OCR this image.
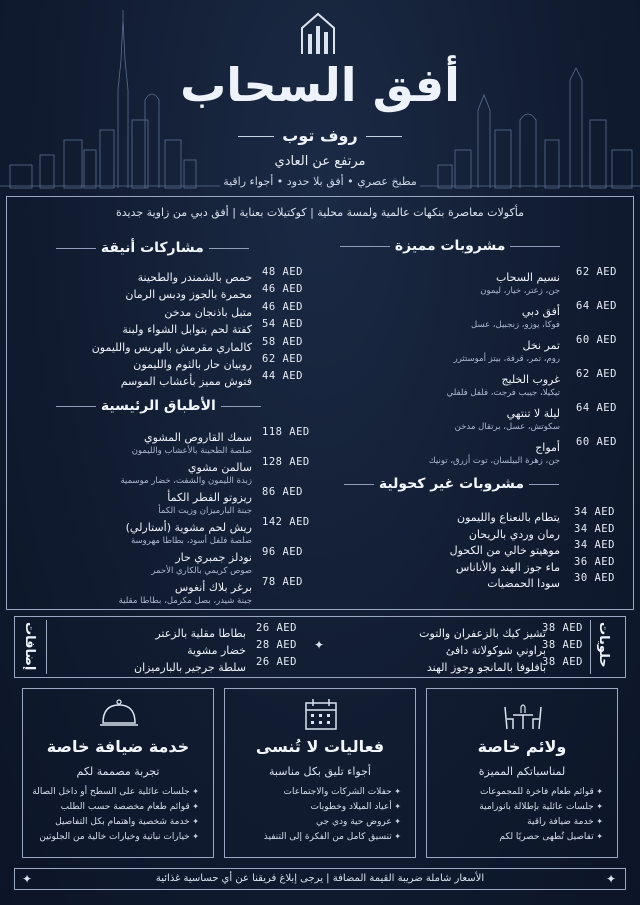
أفق السحاب
روف توب
مرتفع عن العادي
مطبخ عصري • أفق بلا حدود • أجواء راقية
مأكولات معاصرة بنكهات عالمية ولمسة محلية | كوكتيلات بعناية | أفق دبي من زاوية جديدة
مشاركات أنيقة	مشروبات مميزة
الأطباق الرئيسية
مشروبات غير كحولية
حمص بالشمندر والطحينة 48 AED
محمرة بالجوز ودبس الرمان 46 AED
متبل باذنجان مدخن 46 AED
كفتة لحم بتوابل الشواء ولبنة 54 AED
كالماري مقرمش بالهريس والليمون 58 AED
روبيان حار بالثوم والليمون 62 AED
فتوش مميز بأعشاب الموسم 44 AED
سمك القاروص المشوي
صلصة الطحينة بالأعشاب والليمون
118 AED
سالمن مشوي
زبدة الليمون والشفت، خضار موسمية
128 AED
ريزوتو الفطر الكمأ
جبنة البارميزان وزيت الكمأ
86 AED
ريش لحم مشوية (أستارلي)
صلصة فلفل أسود، بطاطا مهروسة
142 AED
نودلز جمبري حار
صوص كريمي بالكاري الأحمر
96 AED
برغر بلاك أنغوس
جبنة شيدر، بصل مكرمل، بطاطا مقلية
78 AED
نسيم السحاب
جن، زعتر، خيار، ليمون
62 AED
أفق دبي
فوكا، يوزو، زنجبيل، عسل
64 AED
تمر نخل
روم، تمر، قرفة، بيتز أموستثرر
60 AED
غروب الخليج
تيكيلا، جيبب فرجت، فلفل فلفلي
62 AED
ليلة لا تنتهي
سكوتش، عسل، برتقال مدخن
64 AED
أمواج
جن، زهرة البيلسان، توت أزرق، تونيك
60 AED
يتطام بالنعناع والليمون 34 AED
رمان وردي بالريحان 34 AED
موهيتو خالي من الكحول 34 AED
ماء جوز الهند والأناناس 36 AED
سودا الحمضيات 30 AED
بطاطا مقلية بالزعتر 26 AED
خضار مشوية 28 AED
سلطة جرجير بالبارميزان 26 AED
تشيز كيك بالزعفران والتوت
38 AED
براوني شوكولاتة دافئ
38 AED
بافلوفا بالمانجو وجوز الهند
38 AED
إضافات	حلويات
✦
خدمة ضيافة خاصة
تجربة مصممة لكم
✦ جلسات عائلية على السطح أو داخل الصالة
✦ قوائم طعام مخصصة حسب الطلب
✦ خدمة شخصية واهتمام بكل التفاصيل
✦ خيارات نباتية وخيارات خالية من الجلوتين
فعاليات لا تُنسى
أجواء تليق بكل مناسبة
✦ حفلات الشركات والاجتماعات
✦ أعياد الميلاد وخطوبات
✦ عروض حية ودي جي
✦ تنسيق كامل من الفكرة إلى التنفيذ
ولائم خاصة
لمناسباتكم المميزة
✦ قوائم طعام فاخرة للمجموعات
✦ جلسات عائلية بإطلالة بانورامية
✦ خدمة ضيافة راقية
✦ تفاصيل تُطهى حصريًا لكم
الأسعار شاملة ضريبة القيمة المضافة | يرجى إبلاغ فريقنا عن أي حساسية غذائية
✦	✦
